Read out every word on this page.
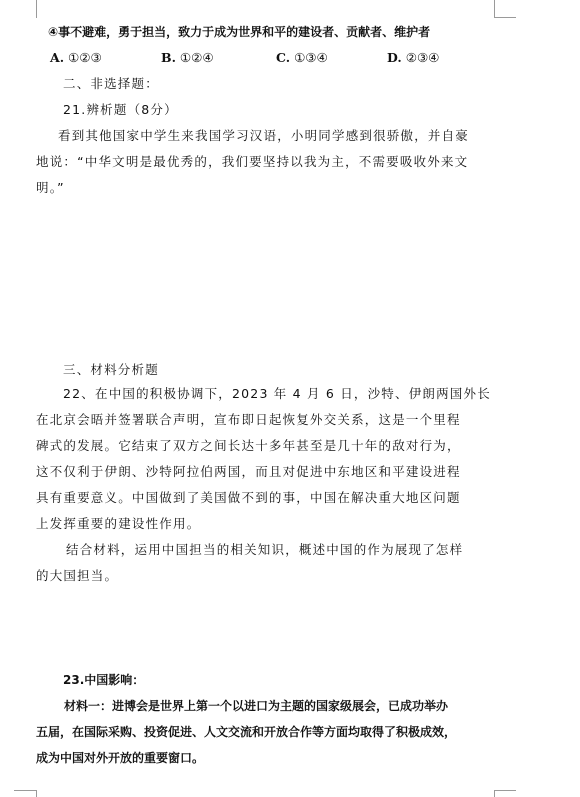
④事不避难，勇于担当，致力于成为世界和平的建设者、贡献者、维护者
A. ①②③	B. ①②④	C. ①③④	D. ②③④
二、非选择题：
21.辨析题（8分）
看到其他国家中学生来我国学习汉语，小明同学感到很骄傲，并自豪
地说：“中华文明是最优秀的，我们要坚持以我为主，不需要吸收外来文
明。”
三、材料分析题
22、在中国的积极协调下，2023 年 4 月 6 日，沙特、伊朗两国外长
在北京会晤并签署联合声明，宣布即日起恢复外交关系，这是一个里程
碑式的发展。它结束了双方之间长达十多年甚至是几十年的敌对行为，
这不仅利于伊朗、沙特阿拉伯两国，而且对促进中东地区和平建设进程
具有重要意义。中国做到了美国做不到的事，中国在解决重大地区问题
上发挥重要的建设性作用。
结合材料，运用中国担当的相关知识，概述中国的作为展现了怎样
的大国担当。
23.中国影响：
材料一：进博会是世界上第一个以进口为主题的国家级展会，已成功举办
五届，在国际采购、投资促进、人文交流和开放合作等方面均取得了积极成效，
成为中国对外开放的重要窗口。
